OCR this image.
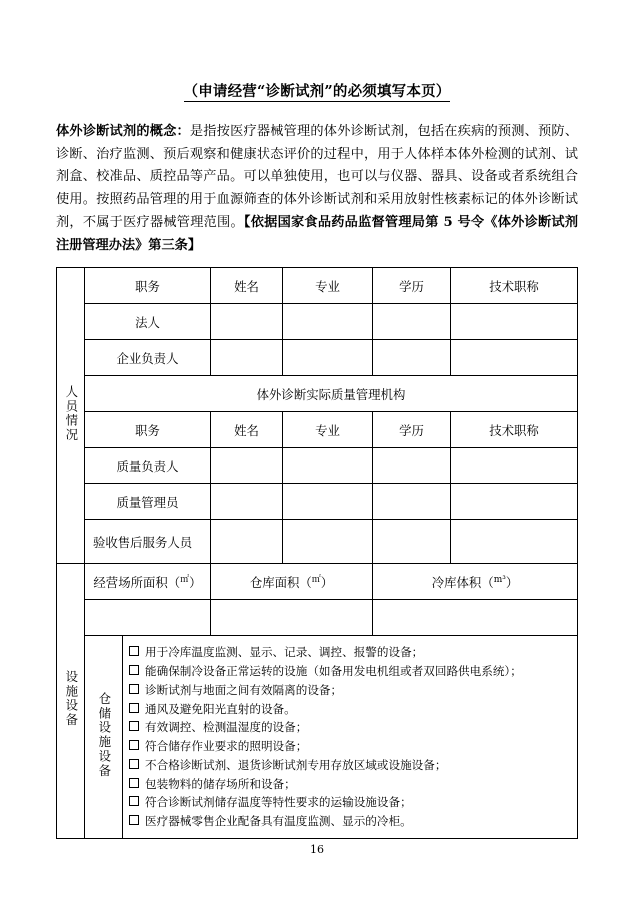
（申请经营“诊断试剂”的必须填写本页）

体外诊断试剂的概念：是指按医疗器械管理的体外诊断试剂，包括在疾病的预测、预防、诊断、治疗监测、预后观察和健康状态评价的过程中，用于人体样本体外检测的试剂、试剂盒、校准品、质控品等产品。可以单独使用，也可以与仪器、器具、设备或者系统组合使用。按照药品管理的用于血源筛查的体外诊断试剂和采用放射性核素标记的体外诊断试剂，不属于医疗器械管理范围。【依据国家食品药品监督管理局第 5 号令《体外诊断试剂注册管理办法》第三条】

人员情况	职务		姓名	专业	学历	技术职称
	法人					
	企业负责人					
	体外诊断实际质量管理机构					
	职务		姓名	专业	学历	技术职称
	质量负责人					
	质量管理员					
	验收售后服务人员					
设施设备	经营场所面积（㎡）		仓库面积（㎡）		冷库体积（$^{m^3}$）	

仓储设施设备	
用于冷库温度监测、显示、记录、调控、报警的设备；
能确保制冷设备正常运转的设施（如备用发电机组或者双回路供电系统）；
诊断试剂与地面之间有效隔离的设备；
通风及避免阳光直射的设备。
有效调控、检测温湿度的设备；
符合储存作业要求的照明设备；
不合格诊断试剂、退货诊断试剂专用存放区域或设施设备；
包装物料的储存场所和设备；
符合诊断试剂储存温度等特性要求的运输设施设备；
医疗器械零售企业配备具有温度监测、显示的冷柜。

16
